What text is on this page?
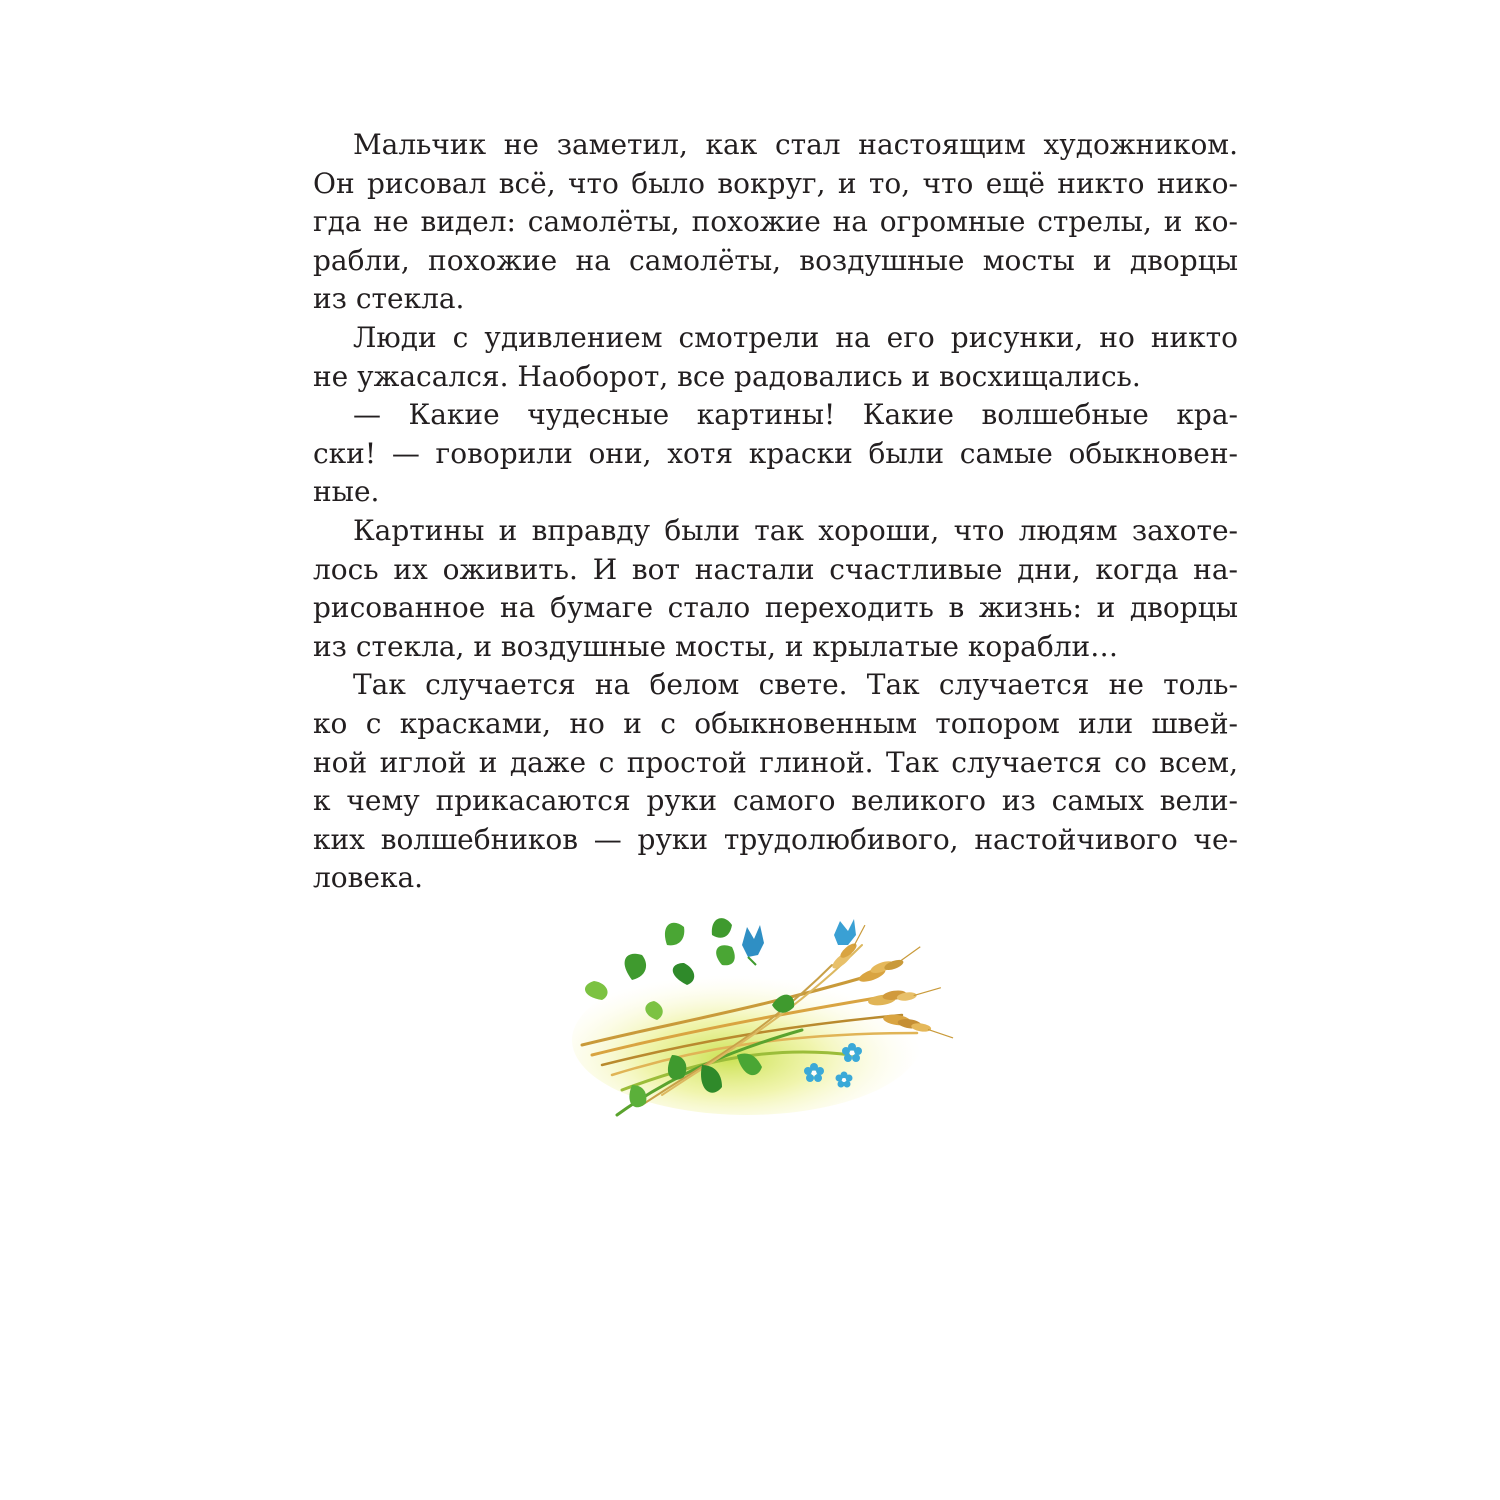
Мальчик не заметил, как стал настоящим художником.
Он рисовал всё, что было вокруг, и то, что ещё никто нико-
гда не видел: самолёты, похожие на огромные стрелы, и ко-
рабли, похожие на самолёты, воздушные мосты и дворцы
из стекла.
Люди с удивлением смотрели на его рисунки, но никто
не ужасался. Наоборот, все радовались и восхищались.
— Какие чудесные картины! Какие волшебные кра-
ски! — говорили они, хотя краски были самые обыкновен-
ные.
Картины и вправду были так хороши, что людям захоте-
лось их оживить. И вот настали счастливые дни, когда на-
рисованное на бумаге стало переходить в жизнь: и дворцы
из стекла, и воздушные мосты, и крылатые корабли…
Так случается на белом свете. Так случается не толь-
ко с красками, но и с обыкновенным топором или швей-
ной иглой и даже с простой глиной. Так случается со всем,
к чему прикасаются руки самого великого из самых вели-
ких волшебников — руки трудолюбивого, настойчивого че-
ловека.
